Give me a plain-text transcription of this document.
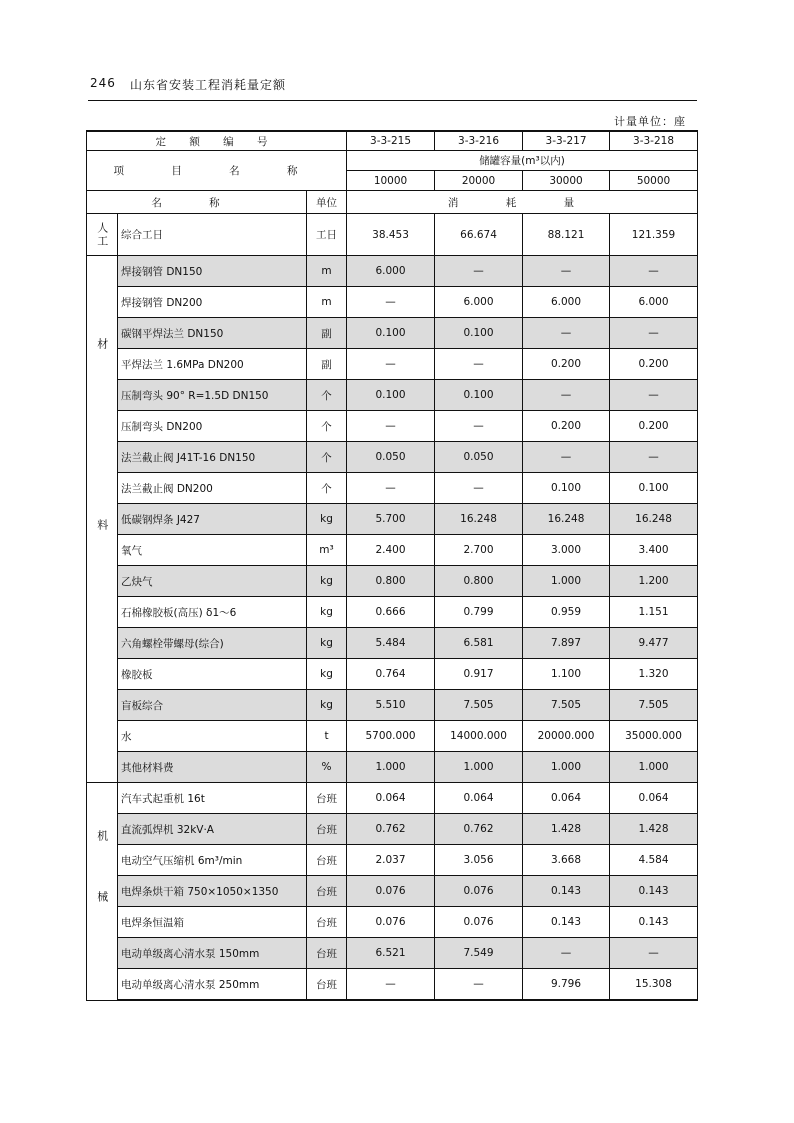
246 山东省安装工程消耗量定额
计量单位：座
定 额 编 号			3-3-215	3-3-216	3-3-217	3-3-218
项 目 名 称			储罐容量(m³以内)			
			10000	20000	30000	50000
名 称		单位	消 耗 量			

人工	综合工日	工日	38.453	66.674	88.121	121.359

材料	焊接钢管 DN150	m	6.000	—	—	—
	焊接钢管 DN200	m	—	6.000	6.000	6.000
	碳钢平焊法兰 DN150	副	0.100	0.100	—	—
	平焊法兰 1.6MPa DN200	副	—	—	0.200	0.200
	压制弯头 90° R=1.5D DN150	个	0.100	0.100	—	—
	压制弯头 DN200	个	—	—	0.200	0.200
	法兰截止阀 J41T-16 DN150	个	0.050	0.050	—	—
	法兰截止阀 DN200	个	—	—	0.100	0.100
	低碳钢焊条 J427	kg	5.700	16.248	16.248	16.248
	氧气	m³	2.400	2.700	3.000	3.400
	乙炔气	kg	0.800	0.800	1.000	1.200
	石棉橡胶板(高压) δ1～6	kg	0.666	0.799	0.959	1.151
	六角螺栓带螺母(综合)	kg	5.484	6.581	7.897	9.477
	橡胶板	kg	0.764	0.917	1.100	1.320
	盲板综合	kg	5.510	7.505	7.505	7.505
	水	t	5700.000	14000.000	20000.000	35000.000
	其他材料费	%	1.000	1.000	1.000	1.000

机械	汽车式起重机 16t	台班	0.064	0.064	0.064	0.064
	直流弧焊机 32kV·A	台班	0.762	0.762	1.428	1.428
	电动空气压缩机 6m³/min	台班	2.037	3.056	3.668	4.584
	电焊条烘干箱 750×1050×1350	台班	0.076	0.076	0.143	0.143
	电焊条恒温箱	台班	0.076	0.076	0.143	0.143
	电动单级离心清水泵 150mm	台班	6.521	7.549	—	—
	电动单级离心清水泵 250mm	台班	—	—	9.796	15.308
